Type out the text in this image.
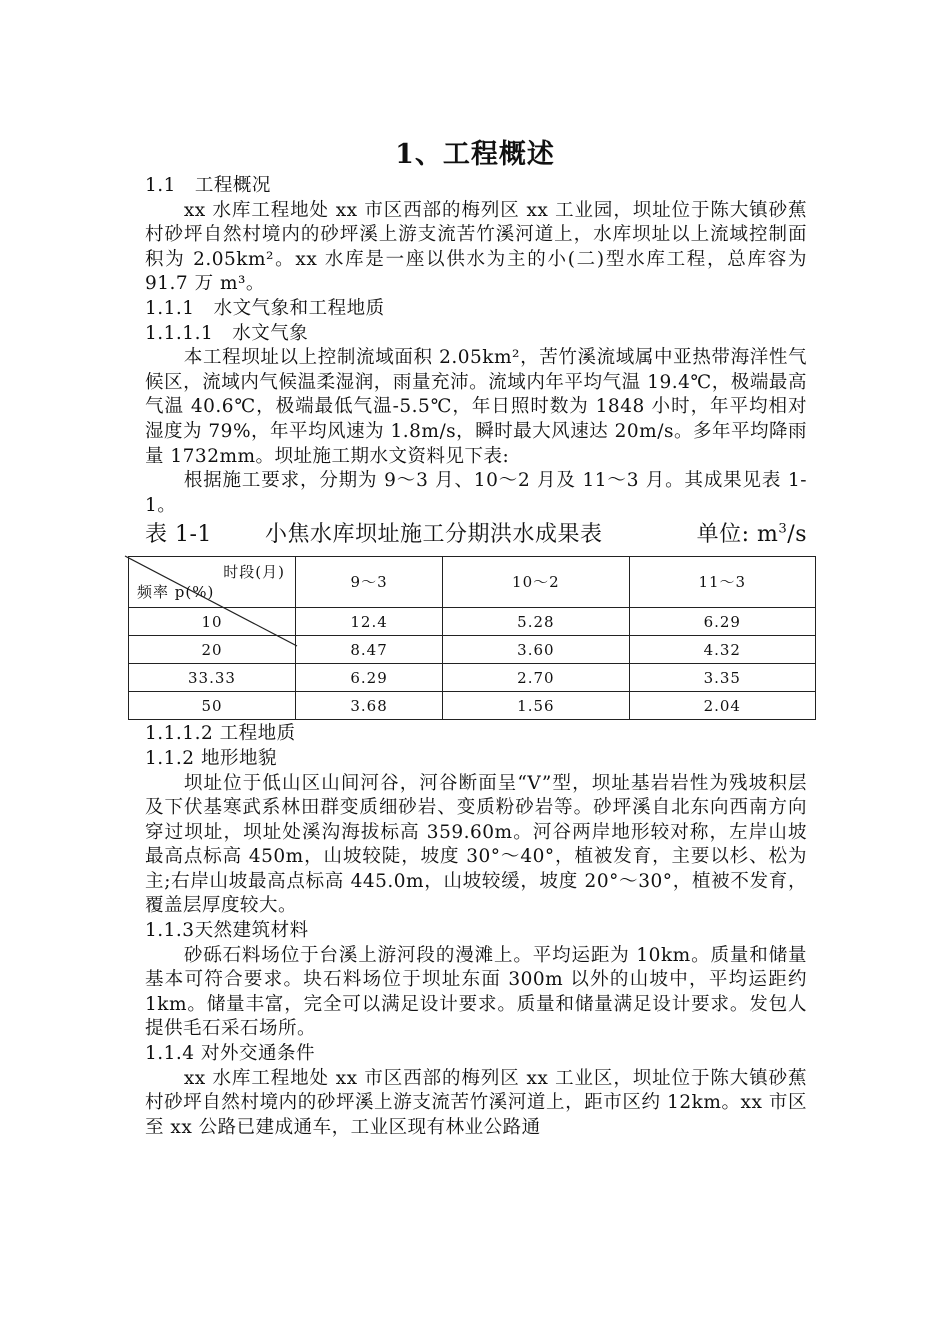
1、工程概述

1.1　工程概况

xx 水库工程地处 xx 市区西部的梅列区 xx 工业园，坝址位于陈大镇砂蕉村砂坪自然村境内的砂坪溪上游支流苦竹溪河道上，水库坝址以上流域控制面积为 2.05km²。xx 水库是一座以供水为主的小(二)型水库工程，总库容为 91.7 万 m³。

1.1.1　水文气象和工程地质

1.1.1.1　水文气象

本工程坝址以上控制流域面积 2.05km²，苦竹溪流域属中亚热带海洋性气候区，流域内气候温柔湿润，雨量充沛。流域内年平均气温 19.4℃，极端最高气温 40.6℃，极端最低气温-5.5℃，年日照时数为 1848 小时，年平均相对湿度为 79%，年平均风速为 1.8m/s，瞬时最大风速达 20m/s。多年平均降雨量 1732mm。坝址施工期水文资料见下表:

根据施工要求，分期为 9～3 月、10～2 月及 11～3 月。其成果见表 1-1。

表 1-1	小焦水库坝址施工分期洪水成果表	单位: $m^3/s$
时段(月)
频率 p(%)	9～3	10～2	11～3
10	12.4	5.28	6.29
20	8.47	3.60	4.32
33.33	6.29	2.70	3.35
50	3.68	1.56	2.04

1.1.1.2 工程地质

1.1.2 地形地貌

坝址位于低山区山间河谷，河谷断面呈“V”型，坝址基岩岩性为残坡积层及下伏基寒武系林田群变质细砂岩、变质粉砂岩等。砂坪溪自北东向西南方向穿过坝址，坝址处溪沟海拔标高 359.60m。河谷两岸地形较对称，左岸山坡最高点标高 450m，山坡较陡，坡度 30°～40°，植被发育，主要以杉、松为主;右岸山坡最高点标高 445.0m，山坡较缓，坡度 20°～30°，植被不发育，覆盖层厚度较大。

1.1.3天然建筑材料

砂砾石料场位于台溪上游河段的漫滩上。平均运距为 10km。质量和储量基本可符合要求。块石料场位于坝址东面 300m 以外的山坡中，平均运距约 1km。储量丰富，完全可以满足设计要求。质量和储量满足设计要求。发包人提供毛石采石场所。

1.1.4 对外交通条件

xx 水库工程地处 xx 市区西部的梅列区 xx 工业区，坝址位于陈大镇砂蕉村砂坪自然村境内的砂坪溪上游支流苦竹溪河道上，距市区约 12km。xx 市区至 xx 公路已建成通车，工业区现有林业公路通
